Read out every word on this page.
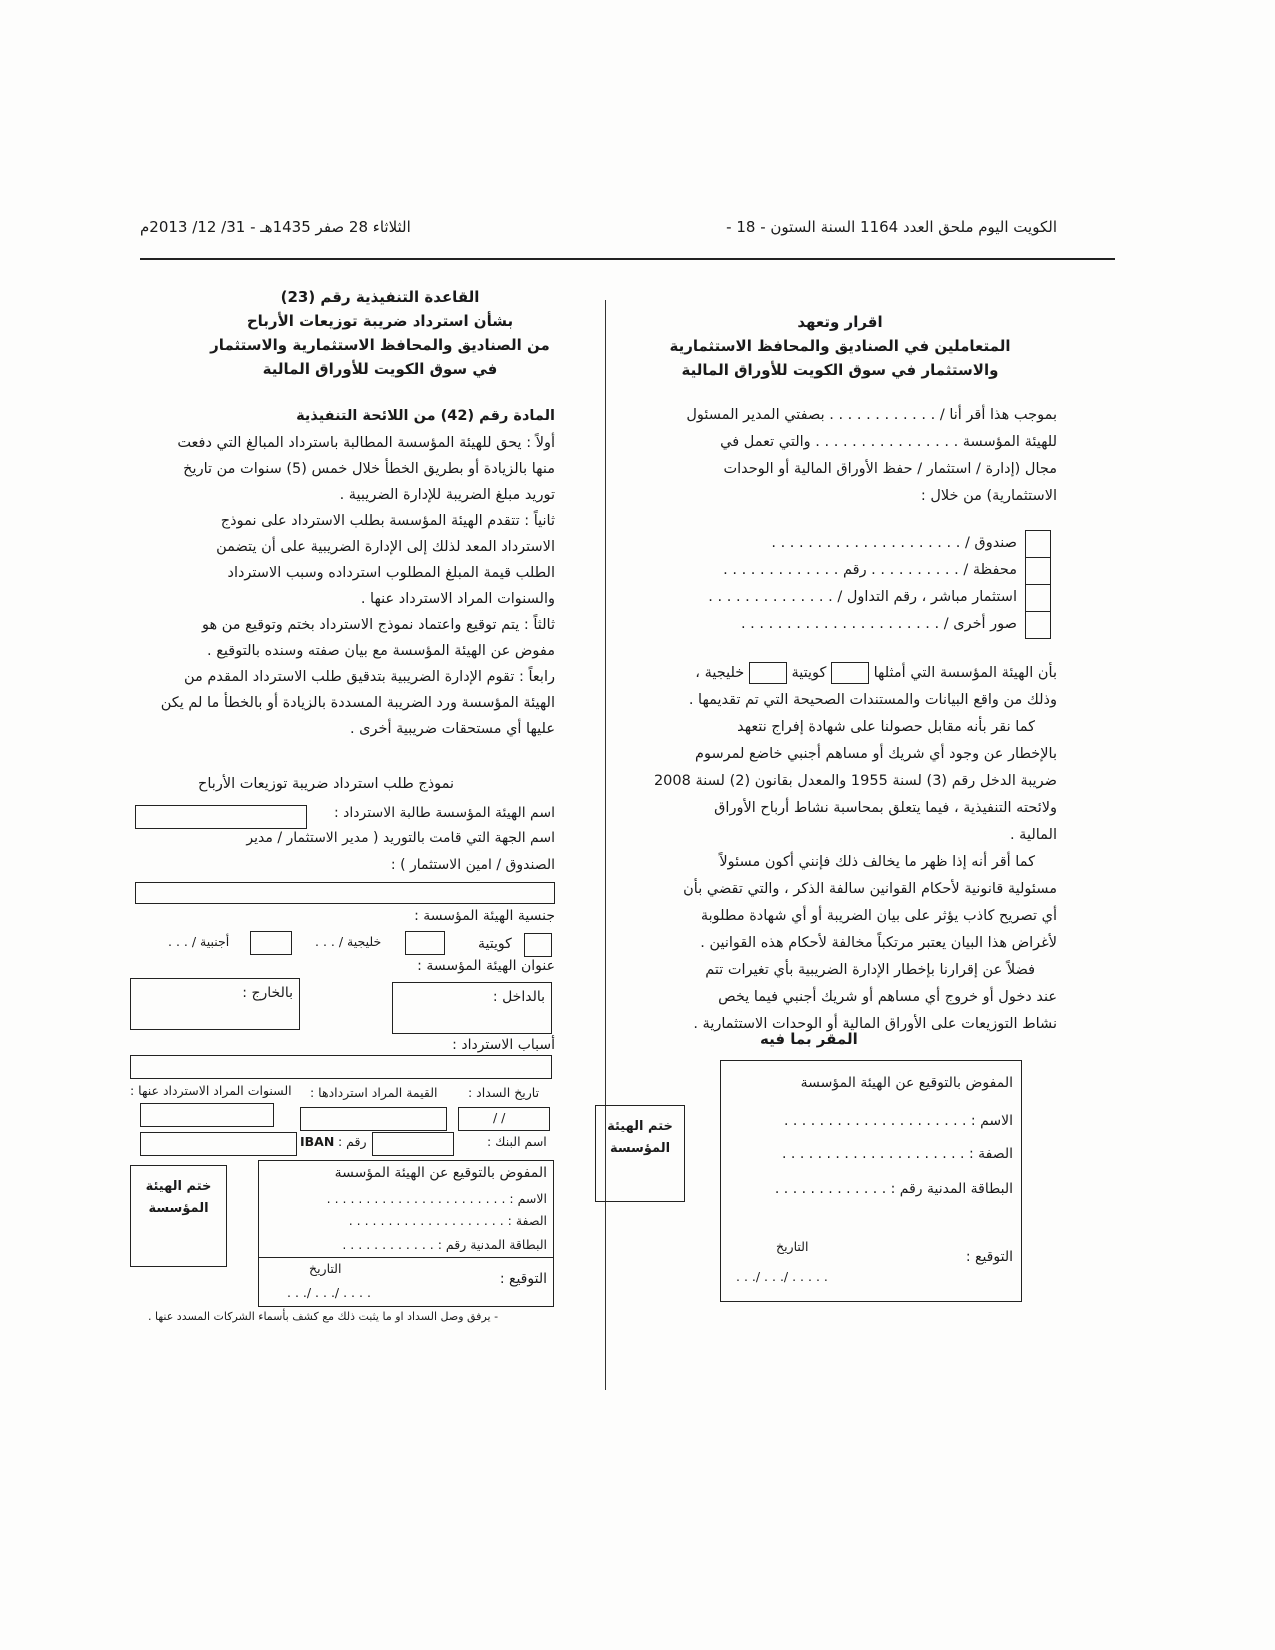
الكويت اليوم ملحق العدد 1164 السنة الستون - 18 -
الثلاثاء 28 صفر 1435هـ - 31/ 12/ 2013م
اقرار وتعهد
المتعاملين في الصناديق والمحافظ الاستثمارية
والاستثمار في سوق الكويت للأوراق المالية

بموجب هذا أقر أنا / . . . . . . . . . . . . بصفتي المدير المسئول

للهيئة المؤسسة . . . . . . . . . . . . . . . . والتي تعمل في

مجال (إدارة / استثمار / حفظ الأوراق المالية أو الوحدات

الاستثمارية) من خلال :

صندوق / . . . . . . . . . . . . . . . . . . . . .

محفظة / . . . . . . . . . . رقم . . . . . . . . . . . . .

استثمار مباشر ، رقم التداول / . . . . . . . . . . . . . .

صور أخرى / . . . . . . . . . . . . . . . . . . . . . .

بأن الهيئة المؤسسة التي أمثلها  كويتية  خليجية ،

وذلك من واقع البيانات والمستندات الصحيحة التي تم تقديمها .

كما نقر بأنه مقابل حصولنا على شهادة إفراج نتعهد

بالإخطار عن وجود أي شريك أو مساهم أجنبي خاضع لمرسوم

ضريبة الدخل رقم (3) لسنة 1955 والمعدل بقانون (2) لسنة 2008

ولائحته التنفيذية ، فيما يتعلق بمحاسبة نشاط أرباح الأوراق

المالية .

كما أقر أنه إذا ظهر ما يخالف ذلك فإنني أكون مسئولاً

مسئولية قانونية لأحكام القوانين سالفة الذكر ، والتي تقضي بأن

أي تصريح كاذب يؤثر على بيان الضريبة أو أي شهادة مطلوبة

لأغراض هذا البيان يعتبر مرتكباً مخالفة لأحكام هذه القوانين .

فضلاً عن إقرارنا بإخطار الإدارة الضريبية بأي تغيرات تتم

عند دخول أو خروج أي مساهم أو شريك أجنبي فيما يخص

نشاط التوزيعات على الأوراق المالية أو الوحدات الاستثمارية .

المقر بما فيه
المفوض بالتوقيع عن الهيئة المؤسسة
الاسم : . . . . . . . . . . . . . . . . . . . . .
الصفة : . . . . . . . . . . . . . . . . . . . . .
البطاقة المدنية رقم : . . . . . . . . . . . . .
التوقيع :
التاريخ
. . . . . /. . . /. . .
ختم الهيئة المؤسسة
القاعدة التنفيذية رقم (23)
بشأن استرداد ضريبة توزيعات الأرباح
من الصناديق والمحافظ الاستثمارية والاستثمار
في سوق الكويت للأوراق المالية
المادة رقم (42) من اللائحة التنفيذية

أولاً : يحق للهيئة المؤسسة المطالبة باسترداد المبالغ التي دفعت

منها بالزيادة أو بطريق الخطأ خلال خمس (5) سنوات من تاريخ

توريد مبلغ الضريبة للإدارة الضريبية .

ثانياً : تتقدم الهيئة المؤسسة بطلب الاسترداد على نموذج

الاسترداد المعد لذلك إلى الإدارة الضريبية على أن يتضمن

الطلب قيمة المبلغ المطلوب استرداده وسبب الاسترداد

والسنوات المراد الاسترداد عنها .

ثالثاً : يتم توقيع واعتماد نموذج الاسترداد بختم وتوقيع من هو

مفوض عن الهيئة المؤسسة مع بيان صفته وسنده بالتوقيع .

رابعاً : تقوم الإدارة الضريبية بتدقيق طلب الاسترداد المقدم من

الهيئة المؤسسة ورد الضريبة المسددة بالزيادة أو بالخطأ ما لم يكن

عليها أي مستحقات ضريبية أخرى .

نموذج طلب استرداد ضريبة توزيعات الأرباح
اسم الهيئة المؤسسة طالبة الاسترداد :
اسم الجهة التي قامت بالتوريد ( مدير الاستثمار / مدير
الصندوق / امين الاستثمار ) :
جنسية الهيئة المؤسسة :
كويتية
خليجية / . . .
أجنبية / . . .
عنوان الهيئة المؤسسة :
بالداخل :
بالخارج :
أسباب الاسترداد :
تاريخ السداد :
القيمة المراد استردادها :
السنوات المراد الاسترداد عنها :
/ /
اسم البنك :
رقم :
IBAN
المفوض بالتوقيع عن الهيئة المؤسسة
الاسم : . . . . . . . . . . . . . . . . . . . . . . .
الصفة : . . . . . . . . . . . . . . . . . . . .
البطاقة المدنية رقم : . . . . . . . . . . . .
التوقيع :
التاريخ
. . . . /. . . /. . .
ختم الهيئة المؤسسة
- يرفق وصل السداد او ما يثبت ذلك مع كشف بأسماء الشركات المسدد عنها .
